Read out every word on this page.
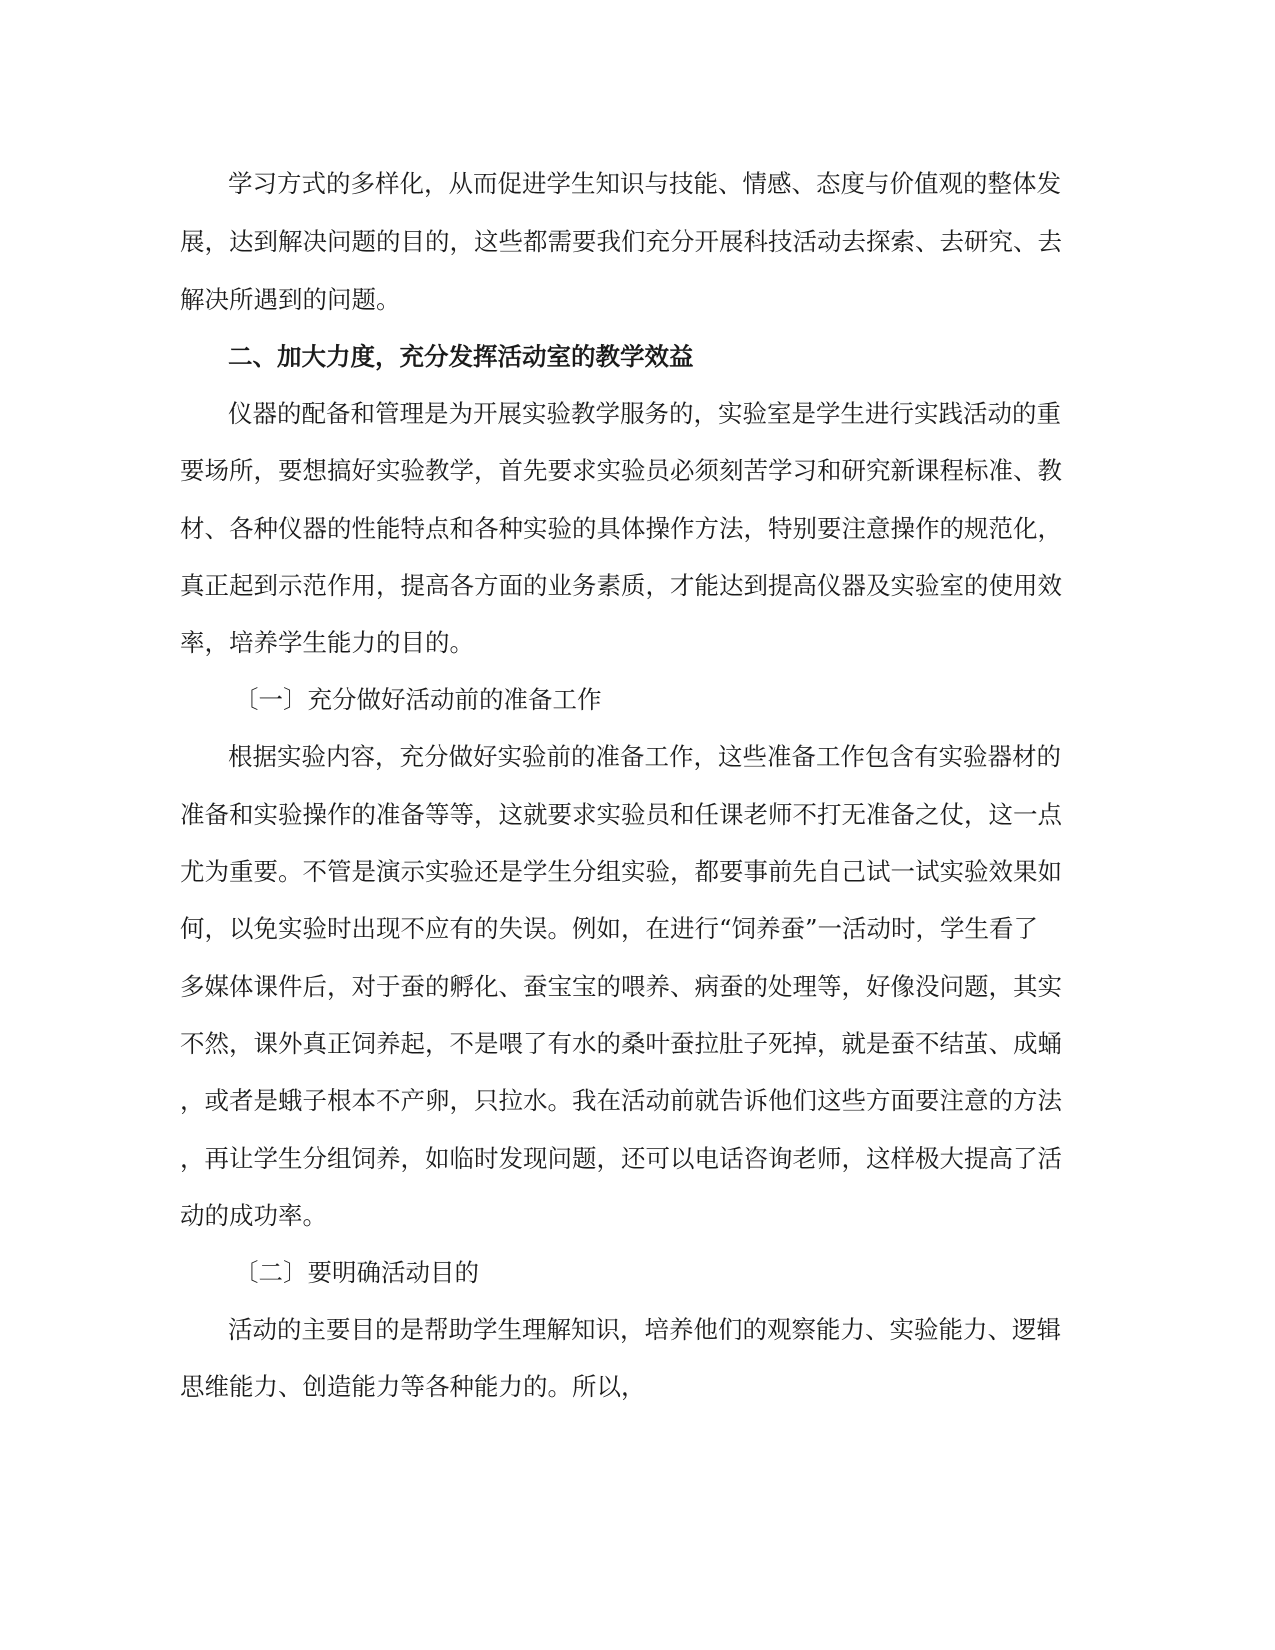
学习方式的多样化，从而促进学生知识与技能、情感、态度与价值观的整体发
展，达到解决问题的目的，这些都需要我们充分开展科技活动去探索、去研究、去
解决所遇到的问题。
二、加大力度，充分发挥活动室的教学效益
仪器的配备和管理是为开展实验教学服务的，实验室是学生进行实践活动的重
要场所，要想搞好实验教学，首先要求实验员必须刻苦学习和研究新课程标准、教
材、各种仪器的性能特点和各种实验的具体操作方法，特别要注意操作的规范化，
真正起到示范作用，提高各方面的业务素质，才能达到提高仪器及实验室的使用效
率，培养学生能力的目的。
〔一〕充分做好活动前的准备工作
根据实验内容，充分做好实验前的准备工作，这些准备工作包含有实验器材的
准备和实验操作的准备等等，这就要求实验员和任课老师不打无准备之仗，这一点
尤为重要。不管是演示实验还是学生分组实验，都要事前先自己试一试实验效果如
何，以免实验时出现不应有的失误。例如，在进行“饲养蚕”一活动时，学生看了
多媒体课件后，对于蚕的孵化、蚕宝宝的喂养、病蚕的处理等，好像没问题，其实
不然，课外真正饲养起，不是喂了有水的桑叶蚕拉肚子死掉，就是蚕不结茧、成蛹
，或者是蛾子根本不产卵，只拉水。我在活动前就告诉他们这些方面要注意的方法
，再让学生分组饲养，如临时发现问题，还可以电话咨询老师，这样极大提高了活
动的成功率。
〔二〕要明确活动目的
活动的主要目的是帮助学生理解知识，培养他们的观察能力、实验能力、逻辑
思维能力、创造能力等各种能力的。所以，
